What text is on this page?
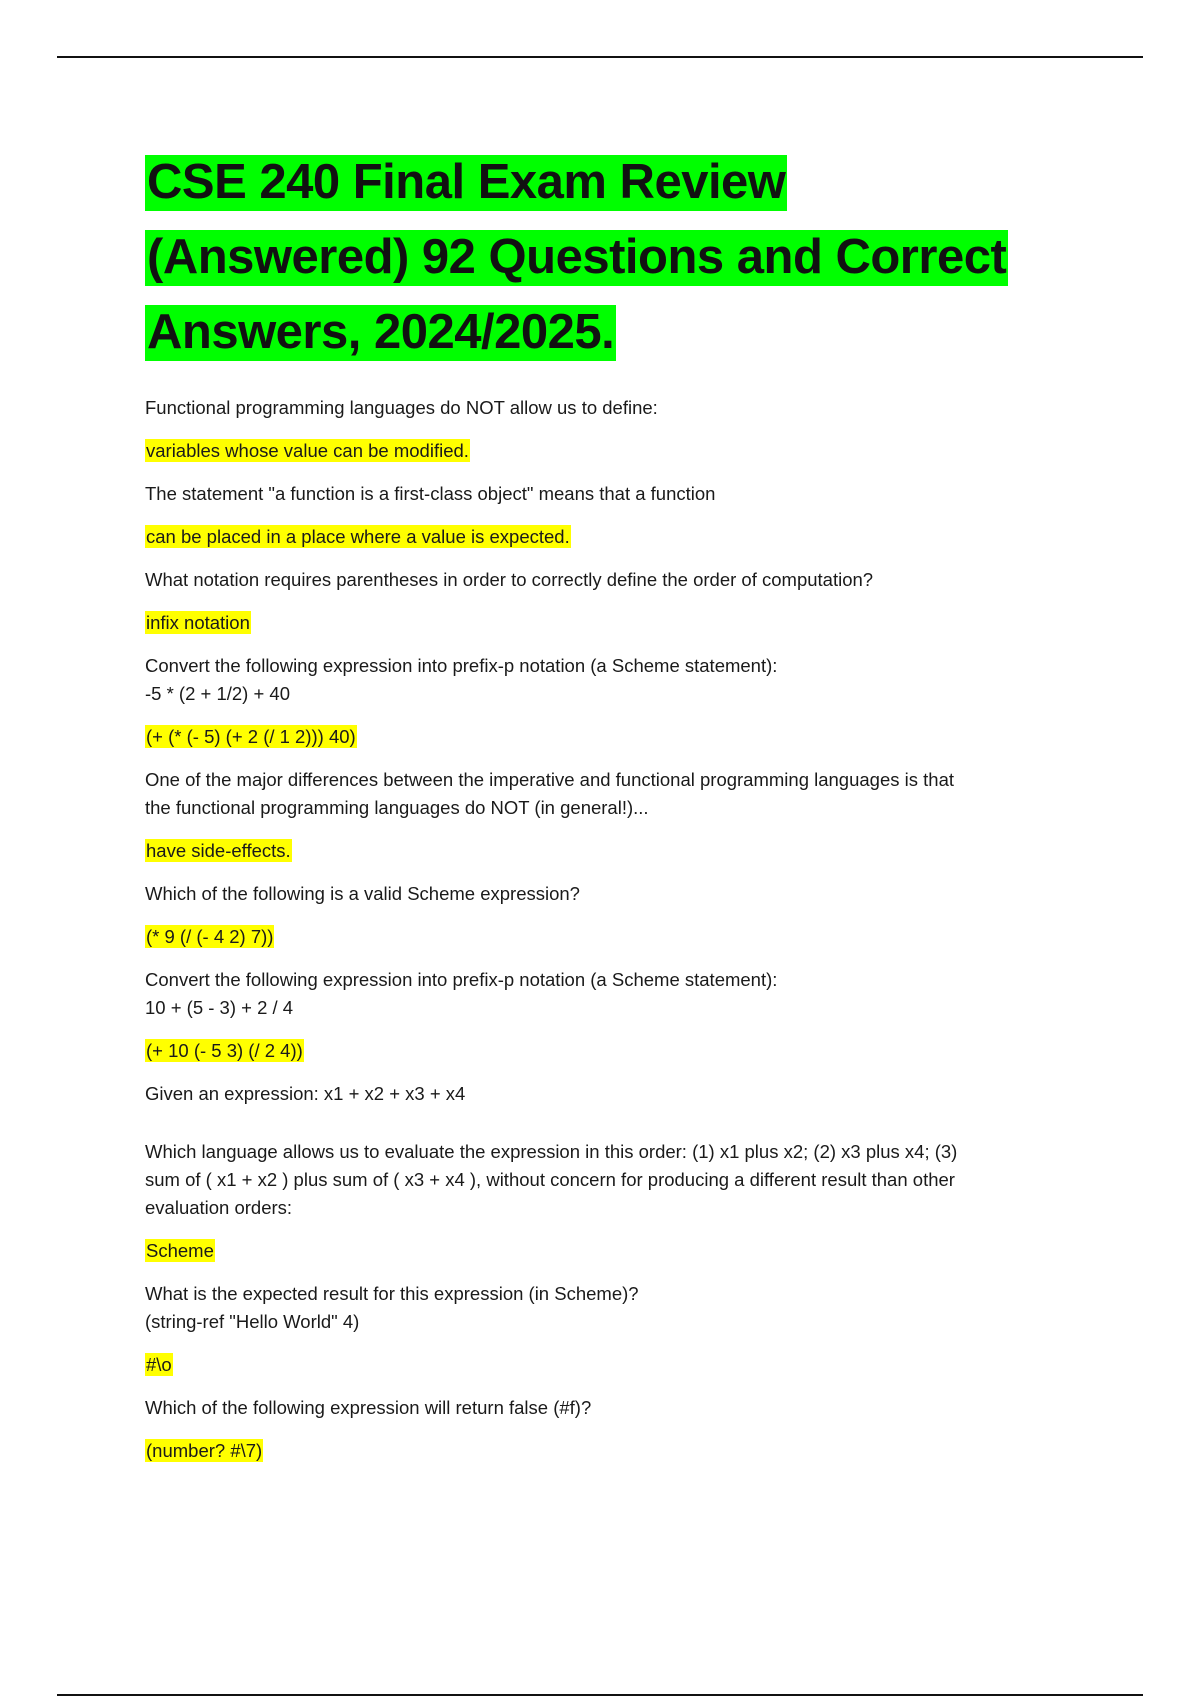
CSE 240 Final Exam Review
(Answered) 92 Questions and Correct
Answers, 2024/2025.

Functional programming languages do NOT allow us to define:

variables whose value can be modified.

The statement "a function is a first-class object" means that a function

can be placed in a place where a value is expected.

What notation requires parentheses in order to correctly define the order of computation?

infix notation

Convert the following expression into prefix-p notation (a Scheme statement):
-5 * (2 + 1/2) + 40

(+ (* (- 5) (+ 2 (/ 1 2))) 40)

One of the major differences between the imperative and functional programming languages is that
the functional programming languages do NOT (in general!)...

have side-effects.

Which of the following is a valid Scheme expression?

(* 9 (/ (- 4 2) 7))

Convert the following expression into prefix-p notation (a Scheme statement):
10 + (5 - 3) + 2 / 4

(+ 10 (- 5 3) (/ 2 4))

Given an expression: x1 + x2 + x3 + x4

Which language allows us to evaluate the expression in this order: (1) x1 plus x2; (2) x3 plus x4; (3)
sum of ( x1 + x2 ) plus sum of ( x3 + x4 ), without concern for producing a different result than other
evaluation orders:

Scheme

What is the expected result for this expression (in Scheme)?
(string-ref "Hello World" 4)

#\o

Which of the following expression will return false (#f)?

(number? #\7)
